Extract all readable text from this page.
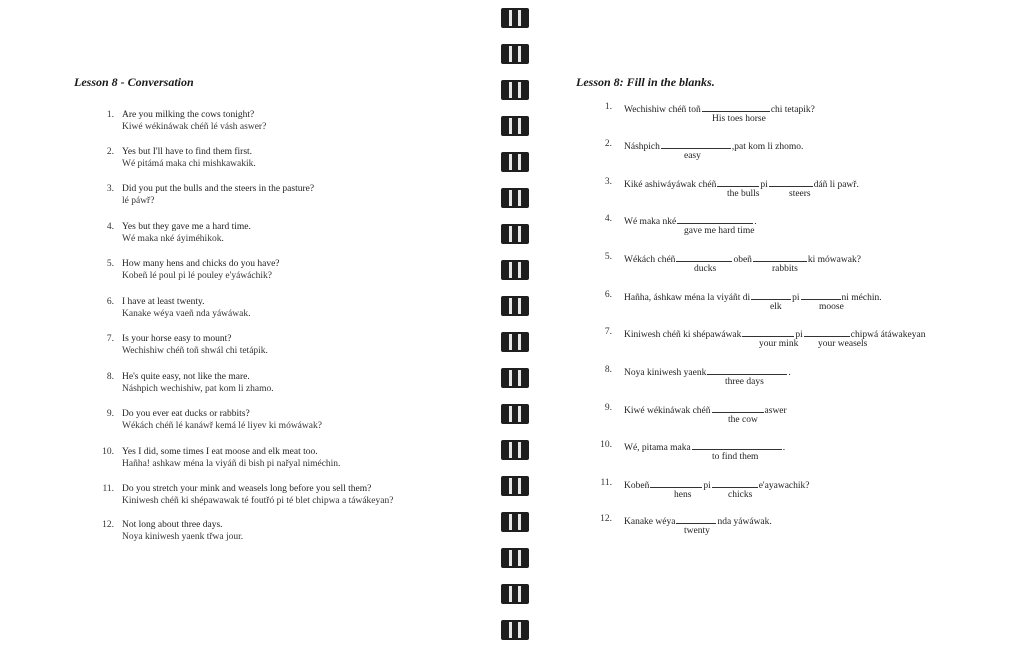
Lesson 8 - Conversation
1. Are you milking the cows tonight?
Kiwé wékináwak chéñ lé vásh aswer?
2. Yes but I'll have to find them first.
Wé pitámá maka chi mishkawakik.
3. Did you put the bulls and the steers in the pasture?
lé páwř?
4. Yes but they gave me a hard time.
Wé maka nké áyiméhikok.
5. How many hens and chicks do you have?
Kobeñ lé poul pi lé pouley e'yáwáchik?
6. I have at least twenty.
Kanake wéya vaeñ nda yáwáwak.
7. Is your horse easy to mount?
Wechishiw chéñ toñ shwál chi tetápik.
8. He's quite easy, not like the mare.
Náshpich wechishiw, pat kom li zhamo.
9. Do you ever eat ducks or rabbits?
Wékách chéñ lé kanáwř kemá lé liyev ki mówáwak?
10. Yes I did, some times I eat moose and elk meat too.
Hañha! ashkaw ména la viyáñ di bish pi nařyal niméchin.
11. Do you stretch your mink and weasels long before you sell them?
Kiniwesh chéñ ki shépawawak té foutřó pi té blet chipwa a táwákeyan?
12. Not long about three days.
Noya kiniwesh yaenk třwa jour.
Lesson 8: Fill in the blanks.
1. Wechishiw chéñ toñ	chi tetapik?
His toes horse
2. Náshpich	,pat kom li zhomo.
easy
3. Kiké ashiwáyáwak chéñ	pi	dáñ li pawř.
the bulls	steers
4. Wé maka nké	.
gave me hard time
5. Wékách chéñ	obeñ	ki mówawak?
ducks	rabbits
6. Hañha, áshkaw ména la viyáñt di	pi	ni méchin.
elk	moose
7. Kiniwesh chéñ ki shépawáwak	pi	chipwá átáwakeyan
your mink your weasels
8. Noya kiniwesh yaenk	.
three days
9. Kiwé wékináwak chéñ	aswer
the cow
10. Wé, pitama maka	.
to find them
11. Kobeñ	pi	e'ayawachik?
hens	chicks
12. Kanake wéya	nda yáwáwak.
twenty
